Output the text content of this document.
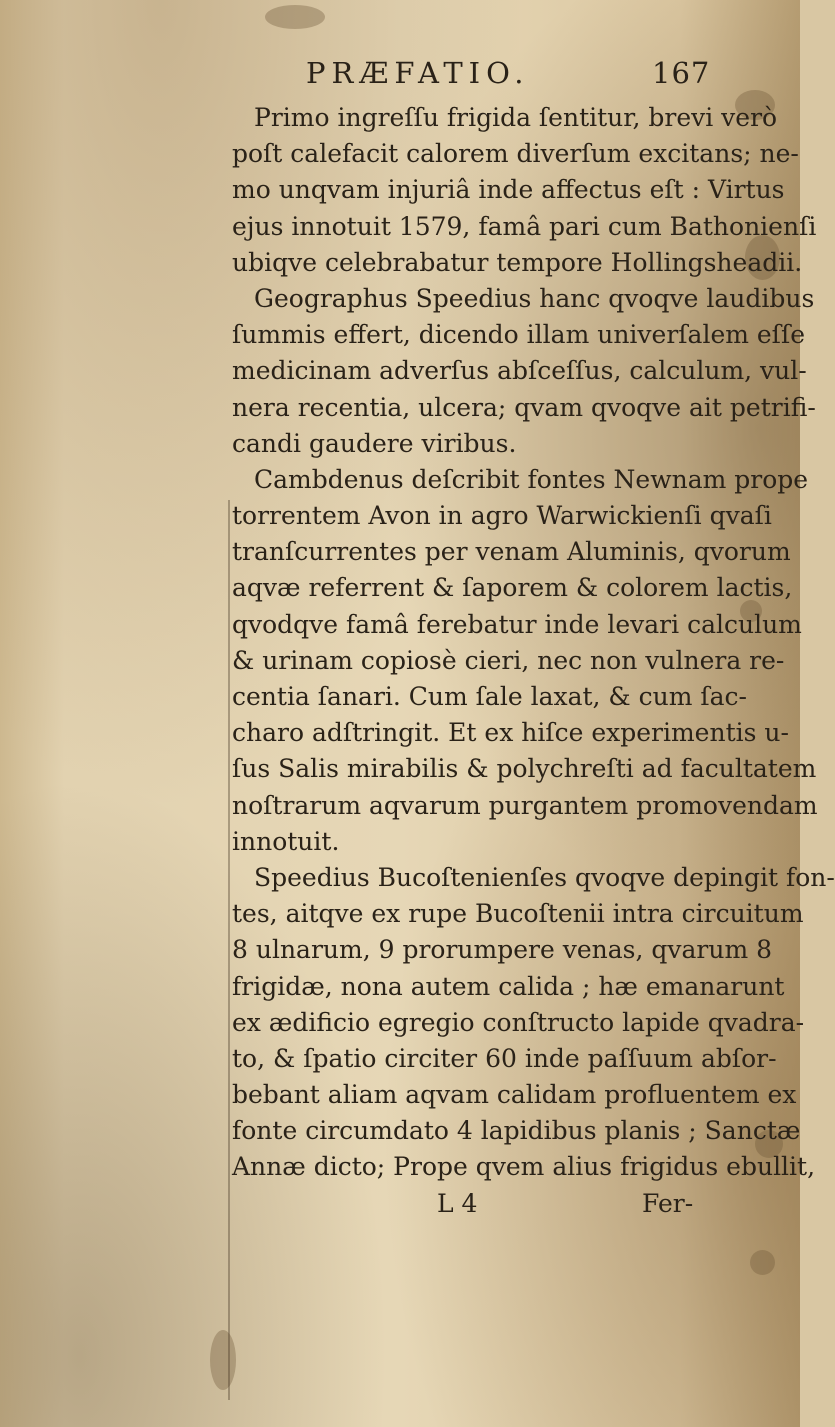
PRÆFATIO.	167
Primo ingreſſu frigida ſentitur, brevi verò
poſt calefacit calorem diverſum excitans; ne-
mo unqvam injuriâ inde affectus eſt : Virtus
ejus innotuit 1579, famâ pari cum Bathonienſi
ubiqve celebrabatur tempore Hollingsheadii.
Geographus Speedius hanc qvoqve laudibus
ſummis effert, dicendo illam univerſalem eſſe
medicinam adverſus abſceſſus, calculum, vul-
nera recentia, ulcera; qvam qvoqve ait petrifi-
candi gaudere viribus.
Cambdenus deſcribit fontes Newnam prope
torrentem Avon in agro Warwickienſi qvaſi
tranſcurrentes per venam Aluminis, qvorum
aqvæ referrent & ſaporem & colorem lactis,
qvodqve famâ ferebatur inde levari calculum
& urinam copiosè cieri, nec non vulnera re-
centia ſanari. Cum ſale laxat, & cum ſac-
charo adſtringit. Et ex hiſce experimentis u-
ſus Salis mirabilis & polychreſti ad facultatem
noſtrarum aqvarum purgantem promovendam
innotuit.
Speedius Bucoſtenienſes qvoqve depingit fon-
tes, aitqve ex rupe Bucoſtenii intra circuitum
8 ulnarum, 9 prorumpere venas, qvarum 8
frigidæ, nona autem calida ; hæ emanarunt
ex ædificio egregio conſtructo lapide qvadra-
to, & ſpatio circiter 60 inde paſſuum abſor-
bebant aliam aqvam calidam profluentem ex
fonte circumdato 4 lapidibus planis ; Sanctæ
Annæ dicto; Prope qvem alius frigidus ebullit,
L 4	Fer-
